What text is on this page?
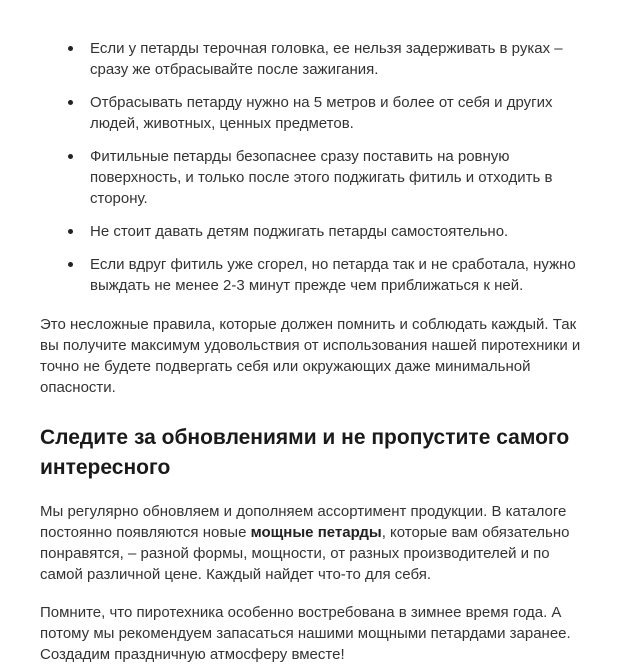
Если у петарды терочная головка, ее нельзя задерживать в руках – сразу же отбрасывайте после зажигания.
Отбрасывать петарду нужно на 5 метров и более от себя и других людей, животных, ценных предметов.
Фитильные петарды безопаснее сразу поставить на ровную поверхность, и только после этого поджигать фитиль и отходить в сторону.
Не стоит давать детям поджигать петарды самостоятельно.
Если вдруг фитиль уже сгорел, но петарда так и не сработала, нужно выждать не менее 2-3 минут прежде чем приближаться к ней.

Это несложные правила, которые должен помнить и соблюдать каждый. Так вы получите максимум удовольствия от использования нашей пиротехники и точно не будете подвергать себя или окружающих даже минимальной опасности.

Следите за обновлениями и не пропустите самого интересного

Мы регулярно обновляем и дополняем ассортимент продукции. В каталоге постоянно появляются новые мощные петарды, которые вам обязательно понравятся, – разной формы, мощности, от разных производителей и по самой различной цене. Каждый найдет что-то для себя.

Помните, что пиротехника особенно востребована в зимнее время года. А потому мы рекомендуем запасаться нашими мощными петардами заранее. Создадим праздничную атмосферу вместе!
